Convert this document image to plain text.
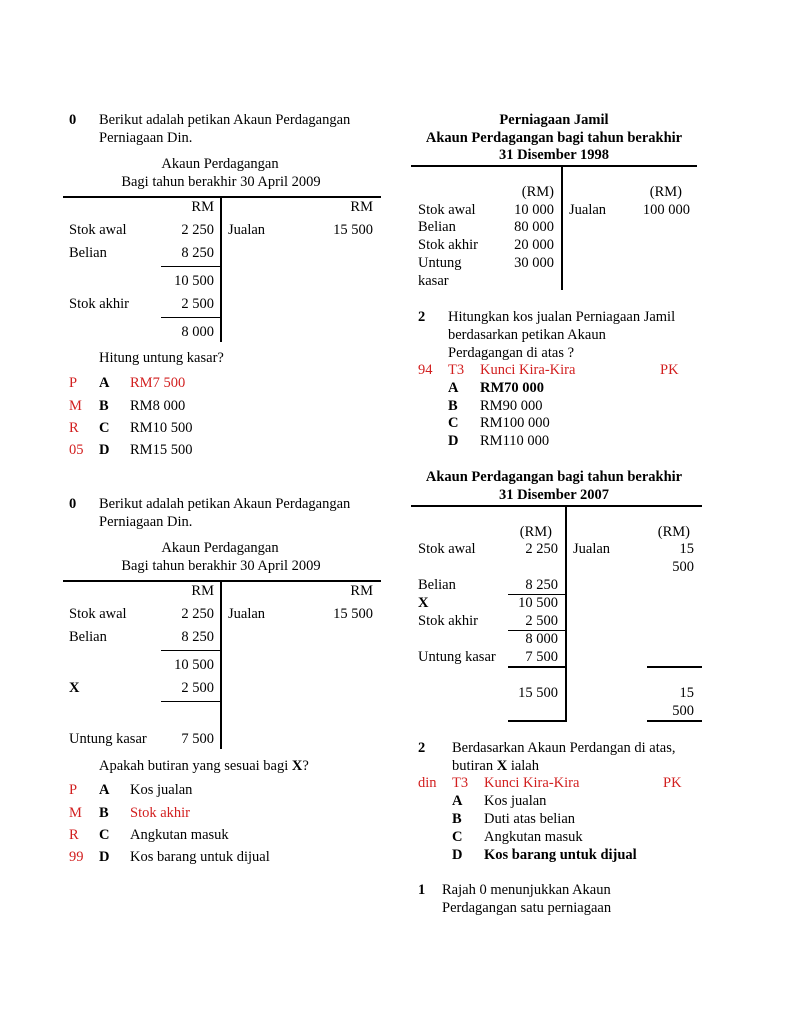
0 Berikut adalah petikan Akaun Perdagangan
Perniagaan Din.
Akaun Perdagangan
Bagi tahun berakhir 30 April 2009
RM	RM
Stok awal	2 250 Jualan	15 500
Belian	8 250
10 500
Stok akhir	2 500
8 000
Hitung untung kasar?
P A RM7 500
M B RM8 000
R C RM10 500
05 D RM15 500
0 Berikut adalah petikan Akaun Perdagangan
Perniagaan Din.
Akaun Perdagangan
Bagi tahun berakhir 30 April 2009
RM	RM
Stok awal	2 250 Jualan	15 500
Belian	8 250
10 500
X	2 500
Untung kasar	7 500
Apakah butiran yang sesuai bagi X?
P A Kos jualan
M B Stok akhir
R C Angkutan masuk
99 D Kos barang untuk dijual
Perniagaan Jamil
Akaun Perdagangan bagi tahun berakhir
31 Disember 1998
(RM)	(RM)
Stok awal	10 000 Jualan	100 000
Belian	80 000
Stok akhir	20 000
Untung	30 000
kasar
2 Hitungkan kos jualan Perniagaan Jamil
berdasarkan petikan Akaun
Perdagangan di atas ?
94 T3 Kunci Kira-Kira	PK
A RM70 000
B RM90 000
C RM100 000
D RM110 000
Akaun Perdagangan bagi tahun berakhir
31 Disember 2007
(RM)	(RM)
Stok awal	2 250 Jualan	15
500
Belian	8 250
X	10 500
Stok akhir	2 500
8 000
Untung kasar	7 500
15 500	15
500
2 Berdasarkan Akaun Perdangan di atas,
butiran X ialah
din T3 Kunci Kira-Kira	PK
A Kos jualan
B Duti atas belian
C Angkutan masuk
D Kos barang untuk dijual
1 Rajah 0 menunjukkan Akaun
Perdagangan satu perniagaan
